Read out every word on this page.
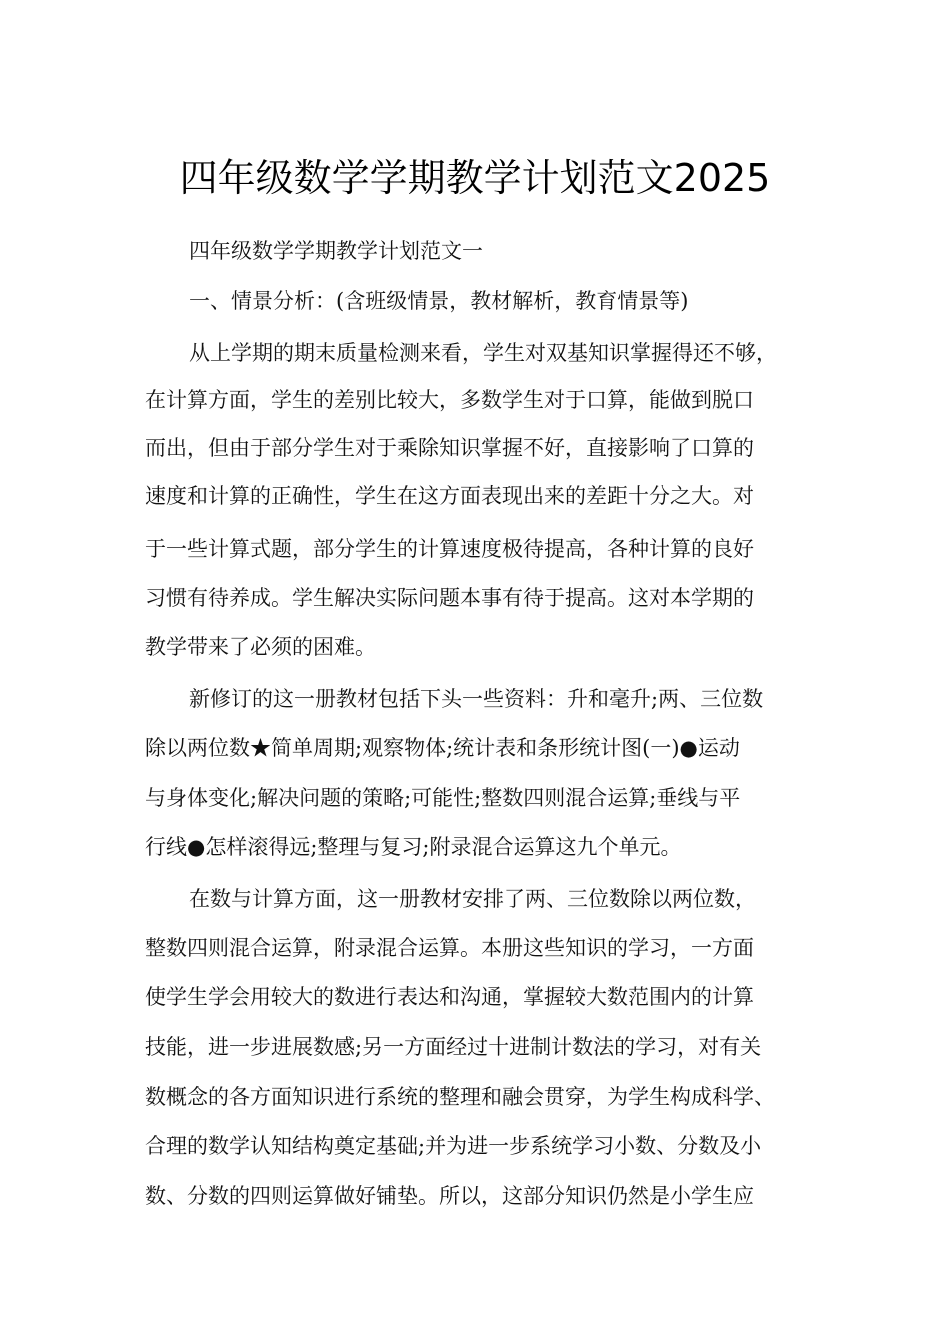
四年级数学学期教学计划范文2025
四年级数学学期教学计划范文一
一、情景分析：(含班级情景，教材解析，教育情景等)
从上学期的期末质量检测来看，学生对双基知识掌握得还不够，
在计算方面，学生的差别比较大，多数学生对于口算，能做到脱口
而出，但由于部分学生对于乘除知识掌握不好，直接影响了口算的
速度和计算的正确性，学生在这方面表现出来的差距十分之大。对
于一些计算式题，部分学生的计算速度极待提高，各种计算的良好
习惯有待养成。学生解决实际问题本事有待于提高。这对本学期的
教学带来了必须的困难。
新修订的这一册教材包括下头一些资料：升和毫升;两、三位数
除以两位数★简单周期;观察物体;统计表和条形统计图(一)●运动
与身体变化;解决问题的策略;可能性;整数四则混合运算;垂线与平
行线●怎样滚得远;整理与复习;附录混合运算这九个单元。
在数与计算方面，这一册教材安排了两、三位数除以两位数，
整数四则混合运算，附录混合运算。本册这些知识的学习，一方面
使学生学会用较大的数进行表达和沟通，掌握较大数范围内的计算
技能，进一步进展数感;另一方面经过十进制计数法的学习，对有关
数概念的各方面知识进行系统的整理和融会贯穿，为学生构成科学、
合理的数学认知结构奠定基础;并为进一步系统学习小数、分数及小
数、分数的四则运算做好铺垫。所以，这部分知识仍然是小学生应
